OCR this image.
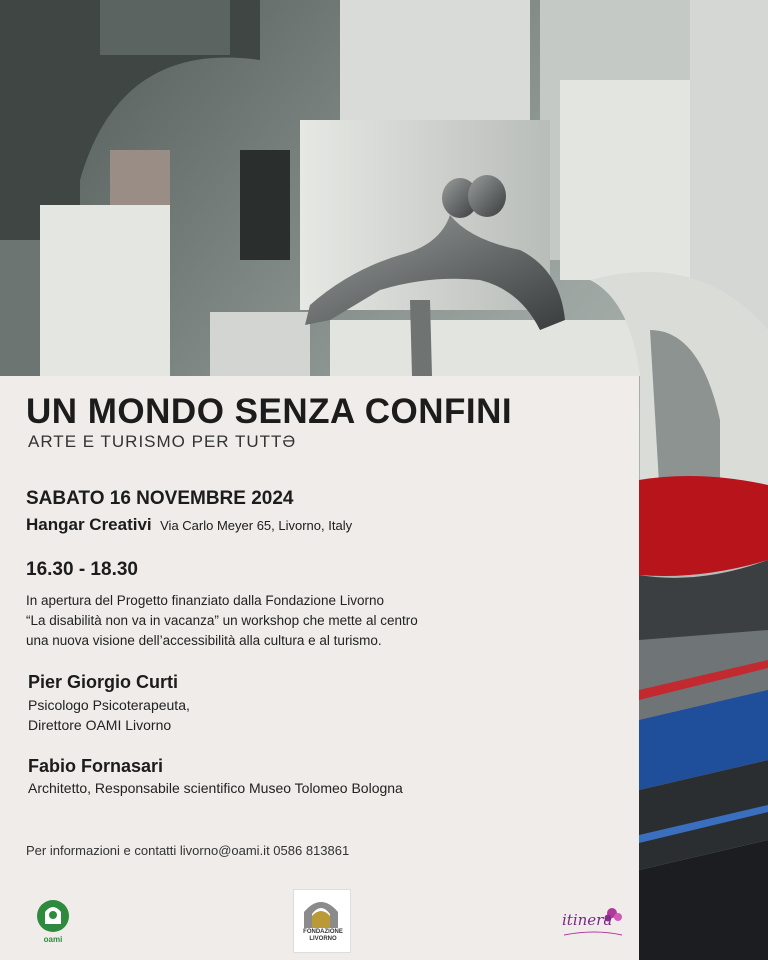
UN MONDO SENZA CONFINI
ARTE E TURISMO PER TUTTƏ
SABATO 16 NOVEMBRE 2024
Hangar Creativi Via Carlo Meyer 65, Livorno, Italy
16.30 - 18.30
In apertura del Progetto finanziato dalla Fondazione Livorno
“La disabilità non va in vacanza” un workshop che mette al centro
una nuova visione dell’accessibilità alla cultura e al turismo.
Pier Giorgio Curti
Psicologo Psicoterapeuta,
Direttore OAMI Livorno
Fabio Fornasari
Architetto, Responsabile scientifico Museo Tolomeo Bologna
Per informazioni e contatti livorno@oami.it 0586 813861
oami
FONDAZIONE
LIVORNO
itinera
